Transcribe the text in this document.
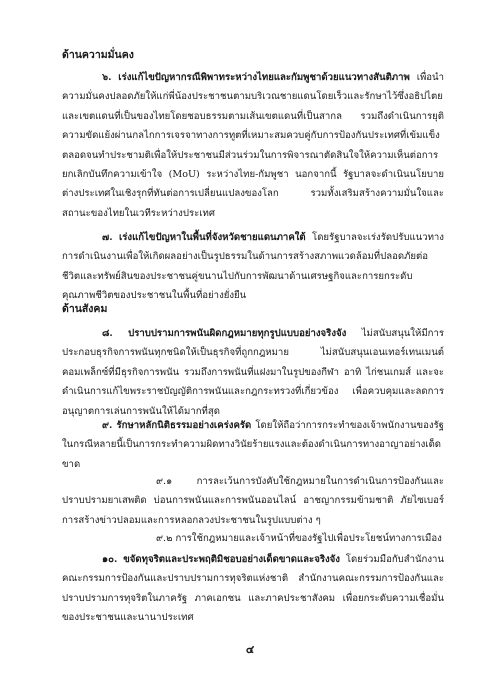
ด้านความมั่นคง
๖. เร่งแก้ไขปัญหากรณีพิพาทระหว่างไทยและกัมพูชาด้วยแนวทางสันติภาพ เพื่อนำความมั่นคงปลอดภัยให้แก่พี่น้องประชาชนตามบริเวณชายแดนโดยเร็วและรักษาไว้ซึ่งอธิปไตยและเขตแดนที่เป็นของไทยโดยชอบธรรมตามเส้นเขตแดนที่เป็นสากล รวมถึงดำเนินการยุติความขัดแย้งผ่านกลไกการเจรจาทางการทูตที่เหมาะสมควบคู่กับการป้องกันประเทศที่เข้มแข็ง ตลอดจนทำประชามติเพื่อให้ประชาชนมีส่วนร่วมในการพิจารณาตัดสินใจให้ความเห็นต่อการยกเลิกบันทึกความเข้าใจ (MoU) ระหว่างไทย-กัมพูชา นอกจากนี้ รัฐบาลจะดำเนินนโยบายต่างประเทศในเชิงรุกที่ทันต่อการเปลี่ยนแปลงของโลก รวมทั้งเสริมสร้างความมั่นใจและสถานะของไทยในเวทีระหว่างประเทศ
๗. เร่งแก้ไขปัญหาในพื้นที่จังหวัดชายแดนภาคใต้ โดยรัฐบาลจะเร่งรัดปรับแนวทางการดำเนินงานเพื่อให้เกิดผลอย่างเป็นรูปธรรมในด้านการสร้างสภาพแวดล้อมที่ปลอดภัยต่อชีวิตและทรัพย์สินของประชาชนคู่ขนานไปกับการพัฒนาด้านเศรษฐกิจและการยกระดับคุณภาพชีวิตของประชาชนในพื้นที่อย่างยั่งยืน
ด้านสังคม
๘. ปราบปรามการพนันผิดกฎหมายทุกรูปแบบอย่างจริงจัง ไม่สนับสนุนให้มีการประกอบธุรกิจการพนันทุกชนิดให้เป็นธุรกิจที่ถูกกฎหมาย ไม่สนับสนุนเอนเทอร์เทนเมนต์คอมเพล็กซ์ที่มีธุรกิจการพนัน รวมถึงการพนันที่แฝงมาในรูปของกีฬา อาทิ ไก่ชนเกมส์ และจะดำเนินการแก้ไขพระราชบัญญัติการพนันและกฎกระทรวงที่เกี่ยวข้อง เพื่อควบคุมและลดการอนุญาตการเล่นการพนันให้ได้มากที่สุด
๙. รักษาหลักนิติธรรมอย่างเคร่งครัด โดยให้ถือว่าการกระทำของเจ้าพนักงานของรัฐในกรณีหลายนี้เป็นการกระทำความผิดทางวินัยร้ายแรงและต้องดำเนินการทางอาญาอย่างเด็ดขาด
๙.๑ การละเว้นการบังคับใช้กฎหมายในการดำเนินการป้องกันและปราบปรามยาเสพติด บ่อนการพนันและการพนันออนไลน์ อาชญากรรมข้ามชาติ ภัยไซเบอร์ การสร้างข่าวปลอมและการหลอกลวงประชาชนในรูปแบบต่าง ๆ
๙.๒ การใช้กฎหมายและเจ้าหน้าที่ของรัฐไปเพื่อประโยชน์ทางการเมือง
๑๐. ขจัดทุจริตและประพฤติมิชอบอย่างเด็ดขาดและจริงจัง โดยร่วมมือกับสำนักงานคณะกรรมการป้องกันและปราบปรามการทุจริตแห่งชาติ สำนักงานคณะกรรมการป้องกันและปราบปรามการทุจริตในภาครัฐ ภาคเอกชน และภาคประชาสังคม เพื่อยกระดับความเชื่อมั่นของประชาชนและนานาประเทศ
๔
